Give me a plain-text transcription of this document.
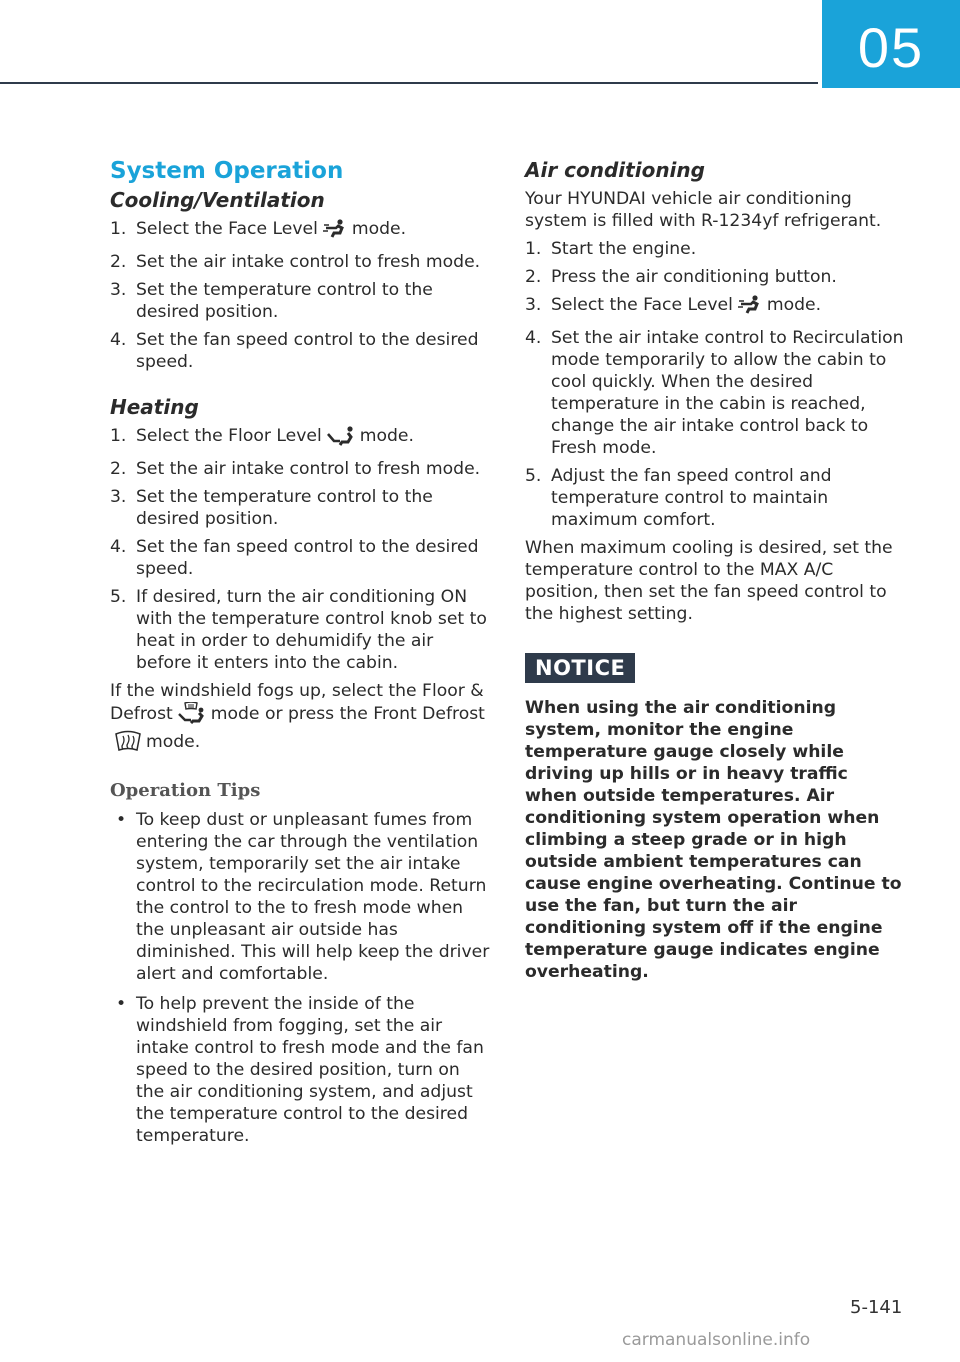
05
System Operation
Cooling/Ventilation
1. Select the Face Level mode.
2. Set the air intake control to fresh mode.
3. Set the temperature control to the desired position.
4. Set the fan speed control to the desired speed.
Heating
1. Select the Floor Level mode.
2. Set the air intake control to fresh mode.
3. Set the temperature control to the desired position.
4. Set the fan speed control to the desired speed.
5. If desired, turn the air conditioning ON with the temperature control knob set to heat in order to dehumidify the air before it enters into the cabin.

If the windshield fogs up, select the Floor & Defrost mode or press the Front Defrostmode.

Operation Tips
• To keep dust or unpleasant fumes from entering the car through the ventilation system, temporarily set the air intake control to the recirculation mode. Return the control to the to fresh mode when the unpleasant air outside has diminished. This will help keep the driver alert and comfortable.
• To help prevent the inside of the windshield from fogging, set the air intake control to fresh mode and the fan speed to the desired position, turn on the air conditioning system, and adjust the temperature control to the desired temperature.
Air conditioning

Your HYUNDAI vehicle air conditioning system is filled with R-1234yf refrigerant.

1. Start the engine.
2. Press the air conditioning button.
3. Select the Face Level mode.
4. Set the air intake control to Recirculation mode temporarily to allow the cabin to cool quickly. When the desired temperature in the cabin is reached, change the air intake control back to Fresh mode.
5. Adjust the fan speed control and temperature control to maintain maximum comfort.

When maximum cooling is desired, set the temperature control to the MAX A/C position, then set the fan speed control to the highest setting.

NOTICE

When using the air conditioning system, monitor the engine temperature gauge closely while driving up hills or in heavy traffic when outside temperatures. Air conditioning system operation when climbing a steep grade or in high outside ambient temperatures can cause engine overheating. Continue to use the fan, but turn the air conditioning system off if the engine temperature gauge indicates engine overheating.

5-141
carmanualsonline.info
